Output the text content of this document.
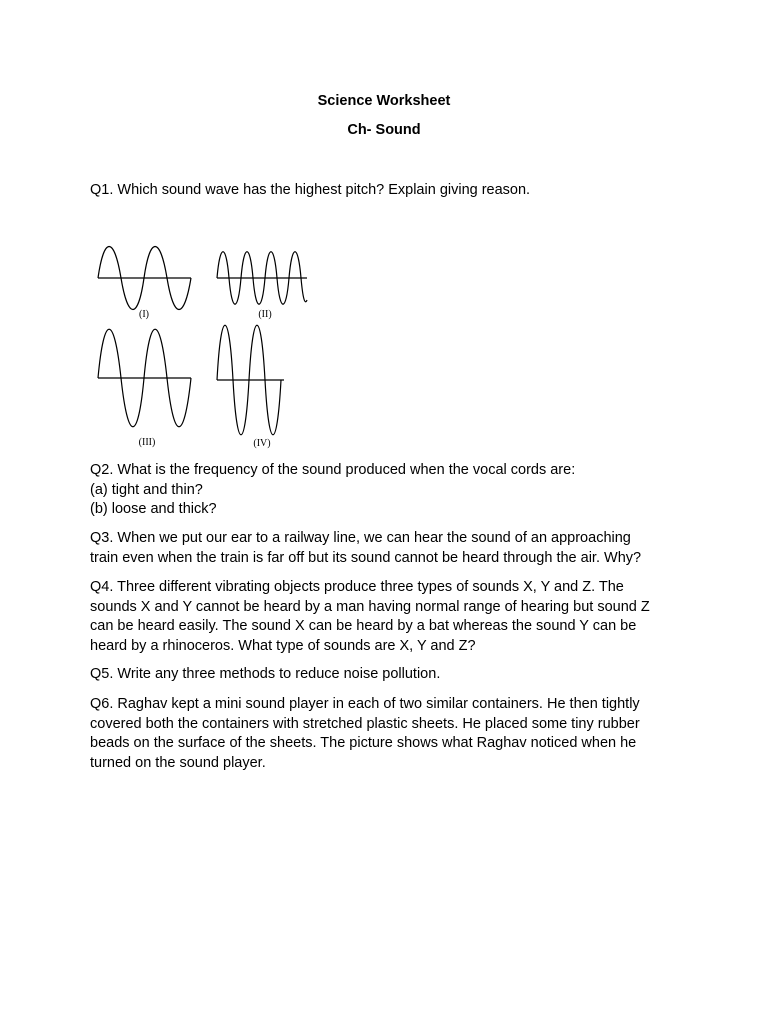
Science Worksheet
Ch- Sound
Q1. Which sound wave has the highest pitch? Explain giving reason.
(I)	(II)
(III)	(IV)
Q2. What is the frequency of the sound produced when the vocal cords are:
(a) tight and thin?
(b) loose and thick?
Q3. When we put our ear to a railway line, we can hear the sound of an approaching
train even when the train is far off but its sound cannot be heard through the air. Why?
Q4. Three different vibrating objects produce three types of sounds X, Y and Z. The
sounds X and Y cannot be heard by a man having normal range of hearing but sound Z
can be heard easily. The sound X can be heard by a bat whereas the sound Y can be
heard by a rhinoceros. What type of sounds are X, Y and Z?
Q5. Write any three methods to reduce noise pollution.
Q6. Raghav kept a mini sound player in each of two similar containers. He then tightly
covered both the containers with stretched plastic sheets. He placed some tiny rubber
beads on the surface of the sheets. The picture shows what Raghav noticed when he
turned on the sound player.
